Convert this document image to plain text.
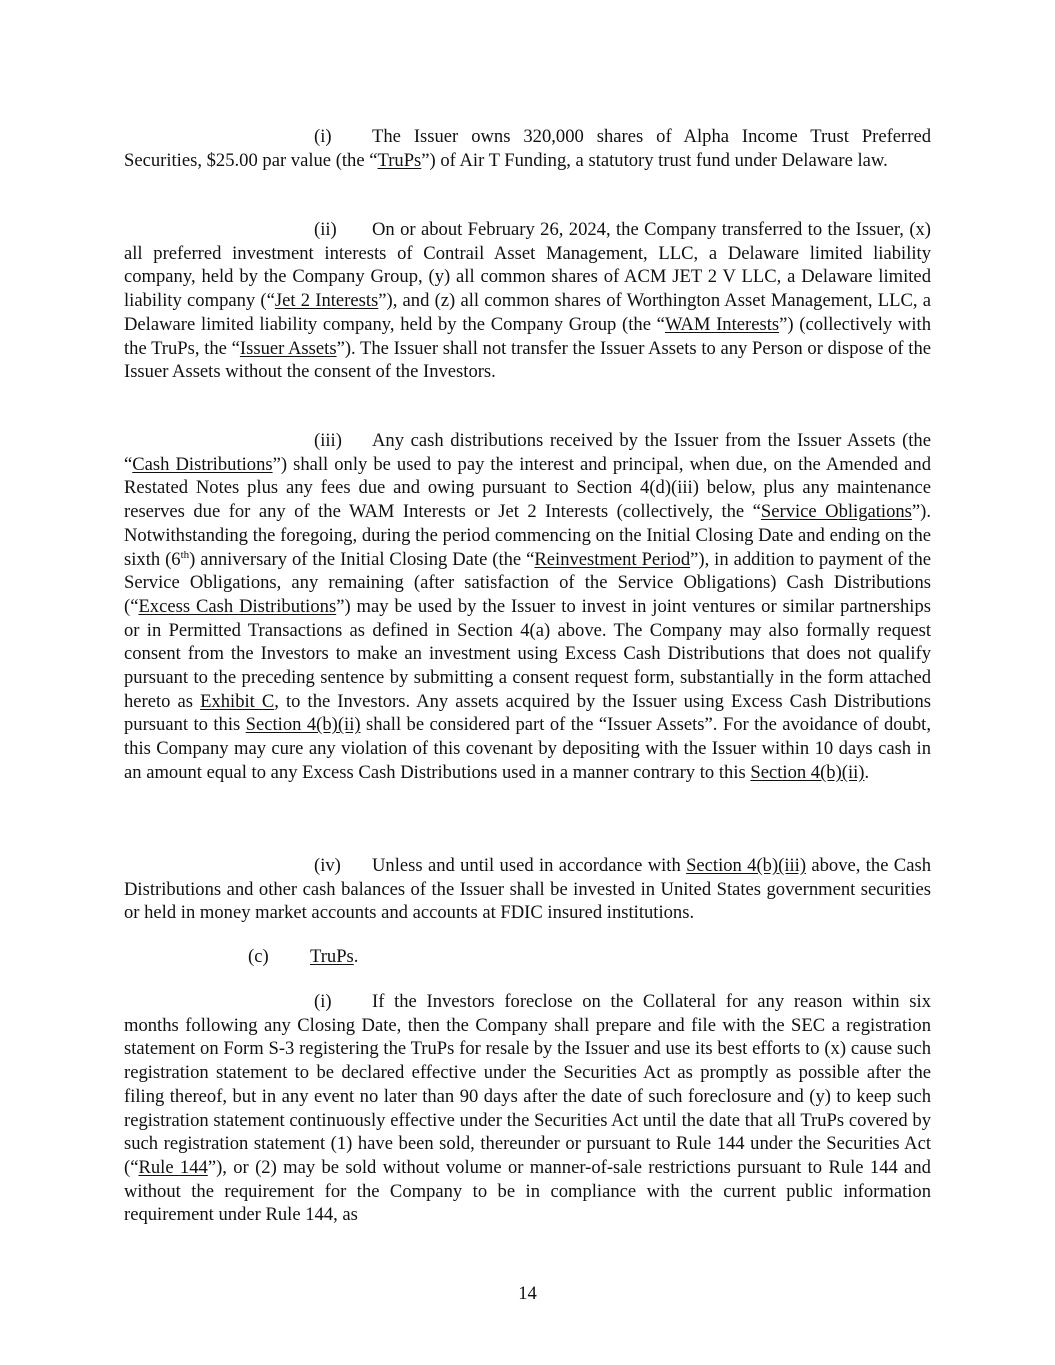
(i) The Issuer owns 320,000 shares of Alpha Income Trust Preferred Securities, $25.00 par value (the “TruPs”) of Air T Funding, a statutory trust fund under Delaware law.

(ii) On or about February 26, 2024, the Company transferred to the Issuer, (x) all preferred investment interests of Contrail Asset Management, LLC, a Delaware limited liability company, held by the Company Group, (y) all common shares of ACM JET 2 V LLC, a Delaware limited liability company (“Jet 2 Interests”), and (z) all common shares of Worthington Asset Management, LLC, a Delaware limited liability company, held by the Company Group (the “WAM Interests”) (collectively with the TruPs, the “Issuer Assets”). The Issuer shall not transfer the Issuer Assets to any Person or dispose of the Issuer Assets without the consent of the Investors.

(iii) Any cash distributions received by the Issuer from the Issuer Assets (the “Cash Distributions”) shall only be used to pay the interest and principal, when due, on the Amended and Restated Notes plus any fees due and owing pursuant to Section 4(d)(iii) below, plus any maintenance reserves due for any of the WAM Interests or Jet 2 Interests (collectively, the “Service Obligations”). Notwithstanding the foregoing, during the period commencing on the Initial Closing Date and ending on the sixth (6th) anniversary of the Initial Closing Date (the “Reinvestment Period”), in addition to payment of the Service Obligations, any remaining (after satisfaction of the Service Obligations) Cash Distributions (“Excess Cash Distributions”) may be used by the Issuer to invest in joint ventures or similar partnerships or in Permitted Transactions as defined in Section 4(a) above. The Company may also formally request consent from the Investors to make an investment using Excess Cash Distributions that does not qualify pursuant to the preceding sentence by submitting a consent request form, substantially in the form attached hereto as Exhibit C, to the Investors. Any assets acquired by the Issuer using Excess Cash Distributions pursuant to this Section 4(b)(ii) shall be considered part of the “Issuer Assets”. For the avoidance of doubt, this Company may cure any violation of this covenant by depositing with the Issuer within 10 days cash in an amount equal to any Excess Cash Distributions used in a manner contrary to this Section 4(b)(ii).

(iv) Unless and until used in accordance with Section 4(b)(iii) above, the Cash Distributions and other cash balances of the Issuer shall be invested in United States government securities or held in money market accounts and accounts at FDIC insured institutions.

(c) TruPs.

(i) If the Investors foreclose on the Collateral for any reason within six months following any Closing Date, then the Company shall prepare and file with the SEC a registration statement on Form S-3 registering the TruPs for resale by the Issuer and use its best efforts to (x) cause such registration statement to be declared effective under the Securities Act as promptly as possible after the filing thereof, but in any event no later than 90 days after the date of such foreclosure and (y) to keep such registration statement continuously effective under the Securities Act until the date that all TruPs covered by such registration statement (1) have been sold, thereunder or pursuant to Rule 144 under the Securities Act (“Rule 144”), or (2) may be sold without volume or manner-of-sale restrictions pursuant to Rule 144 and without the requirement for the Company to be in compliance with the current public information requirement under Rule 144, as

14
